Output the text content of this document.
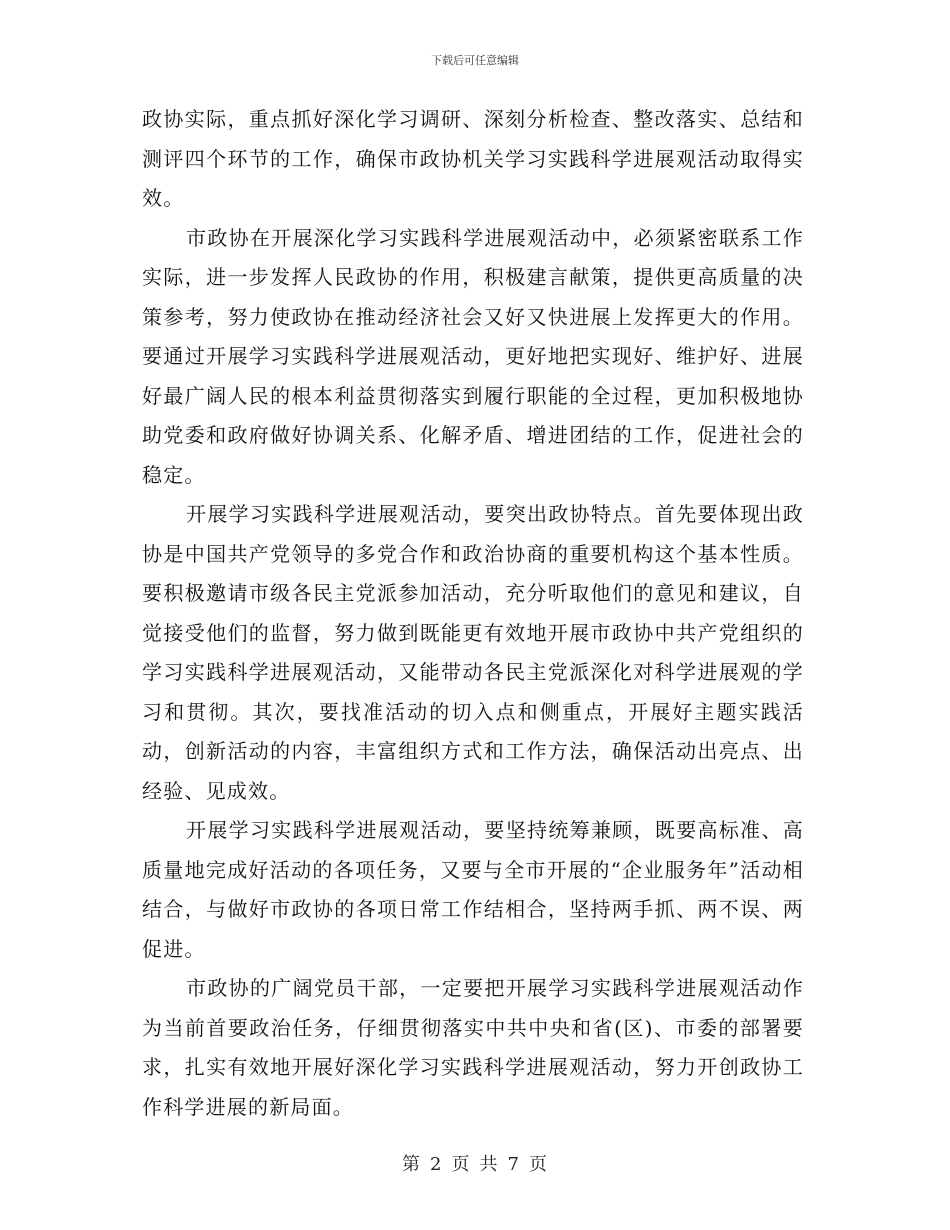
下载后可任意编辑

政协实际，重点抓好深化学习调研、深刻分析检查、整改落实、总结和测评四个环节的工作，确保市政协机关学习实践科学进展观活动取得实效。

市政协在开展深化学习实践科学进展观活动中，必须紧密联系工作实际，进一步发挥人民政协的作用，积极建言献策，提供更高质量的决策参考，努力使政协在推动经济社会又好又快进展上发挥更大的作用。要通过开展学习实践科学进展观活动，更好地把实现好、维护好、进展好最广阔人民的根本利益贯彻落实到履行职能的全过程，更加积极地协助党委和政府做好协调关系、化解矛盾、增进团结的工作，促进社会的稳定。

开展学习实践科学进展观活动，要突出政协特点。首先要体现出政协是中国共产党领导的多党合作和政治协商的重要机构这个基本性质。要积极邀请市级各民主党派参加活动，充分听取他们的意见和建议，自觉接受他们的监督，努力做到既能更有效地开展市政协中共产党组织的学习实践科学进展观活动，又能带动各民主党派深化对科学进展观的学习和贯彻。其次，要找准活动的切入点和侧重点，开展好主题实践活动，创新活动的内容，丰富组织方式和工作方法，确保活动出亮点、出经验、见成效。

开展学习实践科学进展观活动，要坚持统筹兼顾，既要高标准、高质量地完成好活动的各项任务，又要与全市开展的“企业服务年”活动相结合，与做好市政协的各项日常工作结相合，坚持两手抓、两不误、两促进。

市政协的广阔党员干部，一定要把开展学习实践科学进展观活动作为当前首要政治任务，仔细贯彻落实中共中央和省(区)、市委的部署要求，扎实有效地开展好深化学习实践科学进展观活动，努力开创政协工作科学进展的新局面。

第 2 页 共 7 页
